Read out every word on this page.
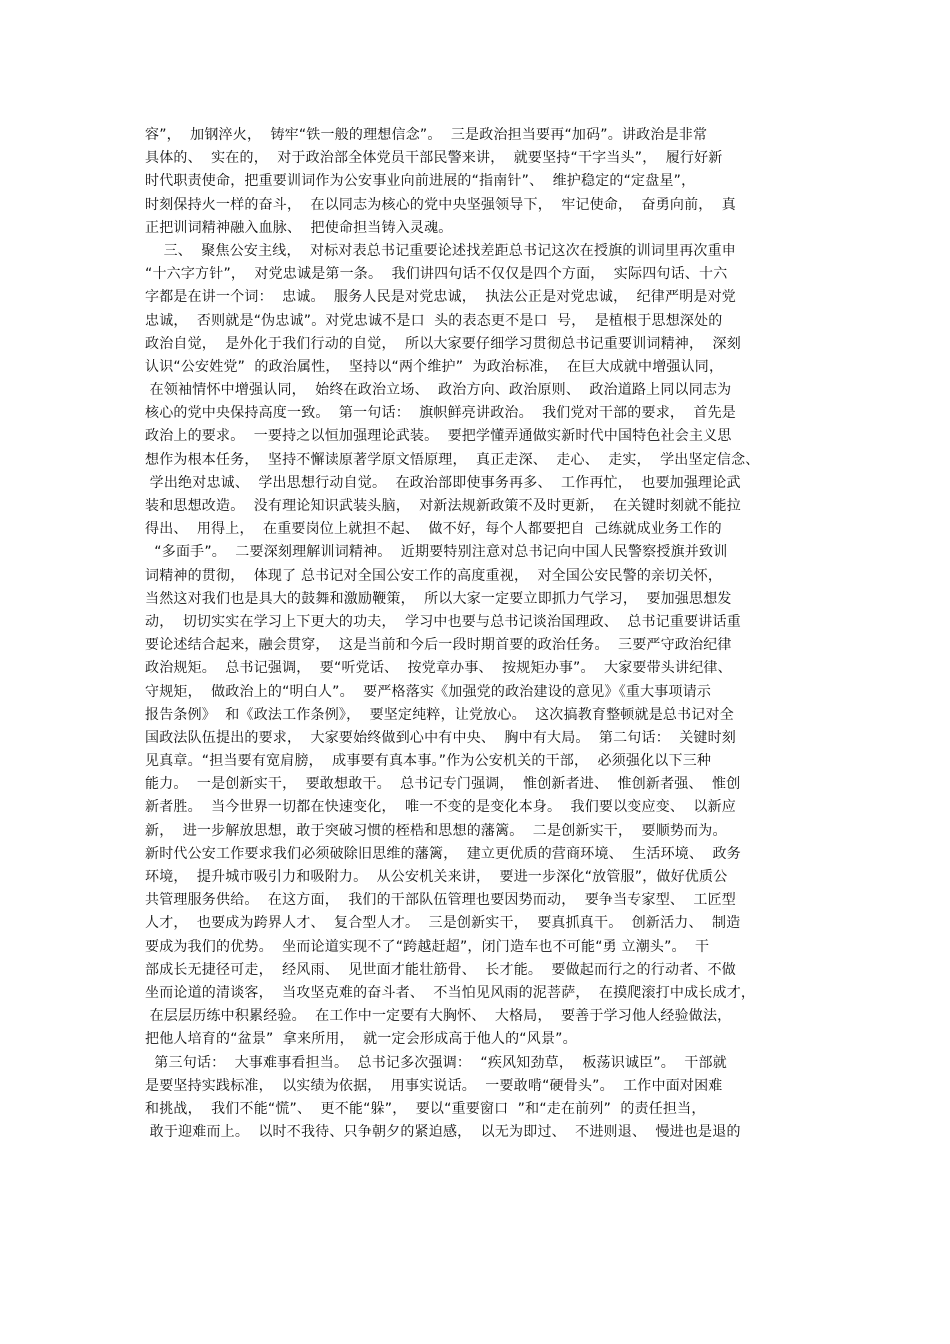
容”，  加钢淬火，  铸牢“铁一般的理想信念”。  三是政治担当要再“加码”。讲政治是非常
具体的、  实在的，  对于政治部全体党员干部民警来讲，  就要坚持“干字当头”，  履行好新
时代职责使命，把重要训词作为公安事业向前进展的“指南针”、  维护稳定的“定盘星”，
时刻保持火一样的奋斗，  在以同志为核心的党中央坚强领导下，  牢记使命，  奋勇向前，  真
正把训词精神融入血脉、  把使命担当铸入灵魂。
三、  聚焦公安主线，  对标对表总书记重要论述找差距总书记这次在授旗的训词里再次重申
“十六字方针”，  对党忠诚是第一条。  我们讲四句话不仅仅是四个方面，  实际四句话、十六
字都是在讲一个词：  忠诚。  服务人民是对党忠诚，  执法公正是对党忠诚，  纪律严明是对党
忠诚，  否则就是“伪忠诚”。对党忠诚不是口  头的表态更不是口  号，  是植根于思想深处的
政治自觉，  是外化于我们行动的自觉，  所以大家要仔细学习贯彻总书记重要训词精神，  深刻
认识“公安姓党”  的政治属性，  坚持以“两个维护”  为政治标准，  在巨大成就中增强认同，
在领袖情怀中增强认同，  始终在政治立场、  政治方向、政治原则、  政治道路上同以同志为
核心的党中央保持高度一致。  第一句话：  旗帜鲜亮讲政治。  我们党对干部的要求，  首先是
政治上的要求。  一要持之以恒加强理论武装。  要把学懂弄通做实新时代中国特色社会主义思
想作为根本任务，  坚持不懈读原著学原文悟原理，  真正走深、  走心、  走实，  学出坚定信念、
学出绝对忠诚、  学出思想行动自觉。  在政治部即使事务再多、  工作再忙，  也要加强理论武
装和思想改造。  没有理论知识武装头脑，  对新法规新政策不及时更新，  在关键时刻就不能拉
得出、  用得上，  在重要岗位上就担不起、  做不好，每个人都要把自  己练就成业务工作的
“多面手”。  二要深刻理解训词精神。  近期要特别注意对总书记向中国人民警察授旗并致训
词精神的贯彻，  体现了 总书记对全国公安工作的高度重视，  对全国公安民警的亲切关怀，
当然这对我们也是具大的鼓舞和激励鞭策，  所以大家一定要立即抓力气学习，  要加强思想发
动，  切切实实在学习上下更大的功夫，  学习中也要与总书记谈治国理政、  总书记重要讲话重
要论述结合起来，融会贯穿，  这是当前和今后一段时期首要的政治任务。  三要严守政治纪律
政治规矩。  总书记强调，  要“听党话、  按党章办事、  按规矩办事”。  大家要带头讲纪律、
守规矩，  做政治上的“明白人”。  要严格落实《加强党的政治建设的意见》《重大事项请示
报告条例》  和《政法工作条例》，  要坚定纯粹，让党放心。  这次搞教育整顿就是总书记对全
国政法队伍提出的要求，  大家要始终做到心中有中央、  胸中有大局。  第二句话：  关键时刻
见真章。“担当要有宽肩膀，  成事要有真本事。”作为公安机关的干部，  必须强化以下三种
能力。  一是创新实干，  要敢想敢干。  总书记专门强调，  惟创新者进、  惟创新者强、  惟创
新者胜。  当今世界一切都在快速变化，  唯一不变的是变化本身。  我们要以变应变、  以新应
新，  进一步解放思想，敢于突破习惯的桎梏和思想的藩篱。  二是创新实干，  要顺势而为。
新时代公安工作要求我们必须破除旧思维的藩篱，  建立更优质的营商环境、  生活环境、  政务
环境，  提升城市吸引力和吸附力。  从公安机关来讲，  要进一步深化“放管服”，做好优质公
共管理服务供给。  在这方面，  我们的干部队伍管理也要因势而动，  要争当专家型、  工匠型
人才，  也要成为跨界人才、  复合型人才。  三是创新实干，  要真抓真干。  创新活力、  制造
要成为我们的优势。  坐而论道实现不了“跨越赶超”，闭门造车也不可能“勇 立潮头”。  干
部成长无捷径可走，  经风雨、  见世面才能壮筋骨、  长才能。  要做起而行之的行动者、不做
坐而论道的清谈客，  当攻坚克难的奋斗者、  不当怕见风雨的泥菩萨，  在摸爬滚打中成长成才，
在层层历练中积累经验。  在工作中一定要有大胸怀、  大格局，  要善于学习他人经验做法，
把他人培育的“盆景”  拿来所用，  就一定会形成高于他人的“风景”。
第三句话：  大事难事看担当。  总书记多次强调：  “疾风知劲草，  板荡识诚臣”。  干部就
是要坚持实践标准，  以实绩为依据，  用事实说话。  一要敢啃“硬骨头”。  工作中面对困难
和挑战，  我们不能“慌”、  更不能“躲”，  要以“重要窗口  ”和“走在前列”  的责任担当，
敢于迎难而上。  以时不我待、只争朝夕的紧迫感，  以无为即过、  不进则退、  慢进也是退的
